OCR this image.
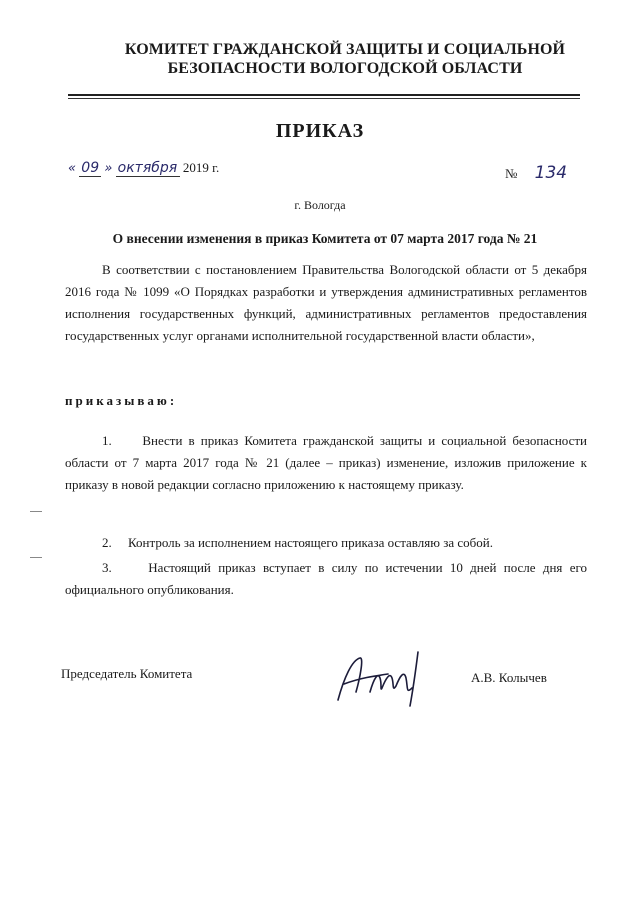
КОМИТЕТ ГРАЖДАНСКОЙ ЗАЩИТЫ И СОЦИАЛЬНОЙ
БЕЗОПАСНОСТИ ВОЛОГОДСКОЙ ОБЛАСТИ
ПРИКАЗ
« 09 » октября 2019 г.	№ 134
г. Вологда
О внесении изменения в приказ Комитета от 07 марта 2017 года № 21
В соответствии с постановлением Правительства Вологодской области от 5 декабря 2016 года № 1099 «О Порядках разработки и утверждения административных регламентов исполнения государственных функций, административных регламентов предоставления государственных услуг органами исполнительной государственной власти области»,
приказываю:
1. Внести в приказ Комитета гражданской защиты и социальной безопасности области от 7 марта 2017 года № 21 (далее – приказ) изменение, изложив приложение к приказу в новой редакции согласно приложению к настоящему приказу.
2. Контроль за исполнением настоящего приказа оставляю за собой.
3.	Настоящий приказ вступает в силу по истечении 10 дней после дня его официального опубликования.
Председатель Комитета	А.В. Колычев
